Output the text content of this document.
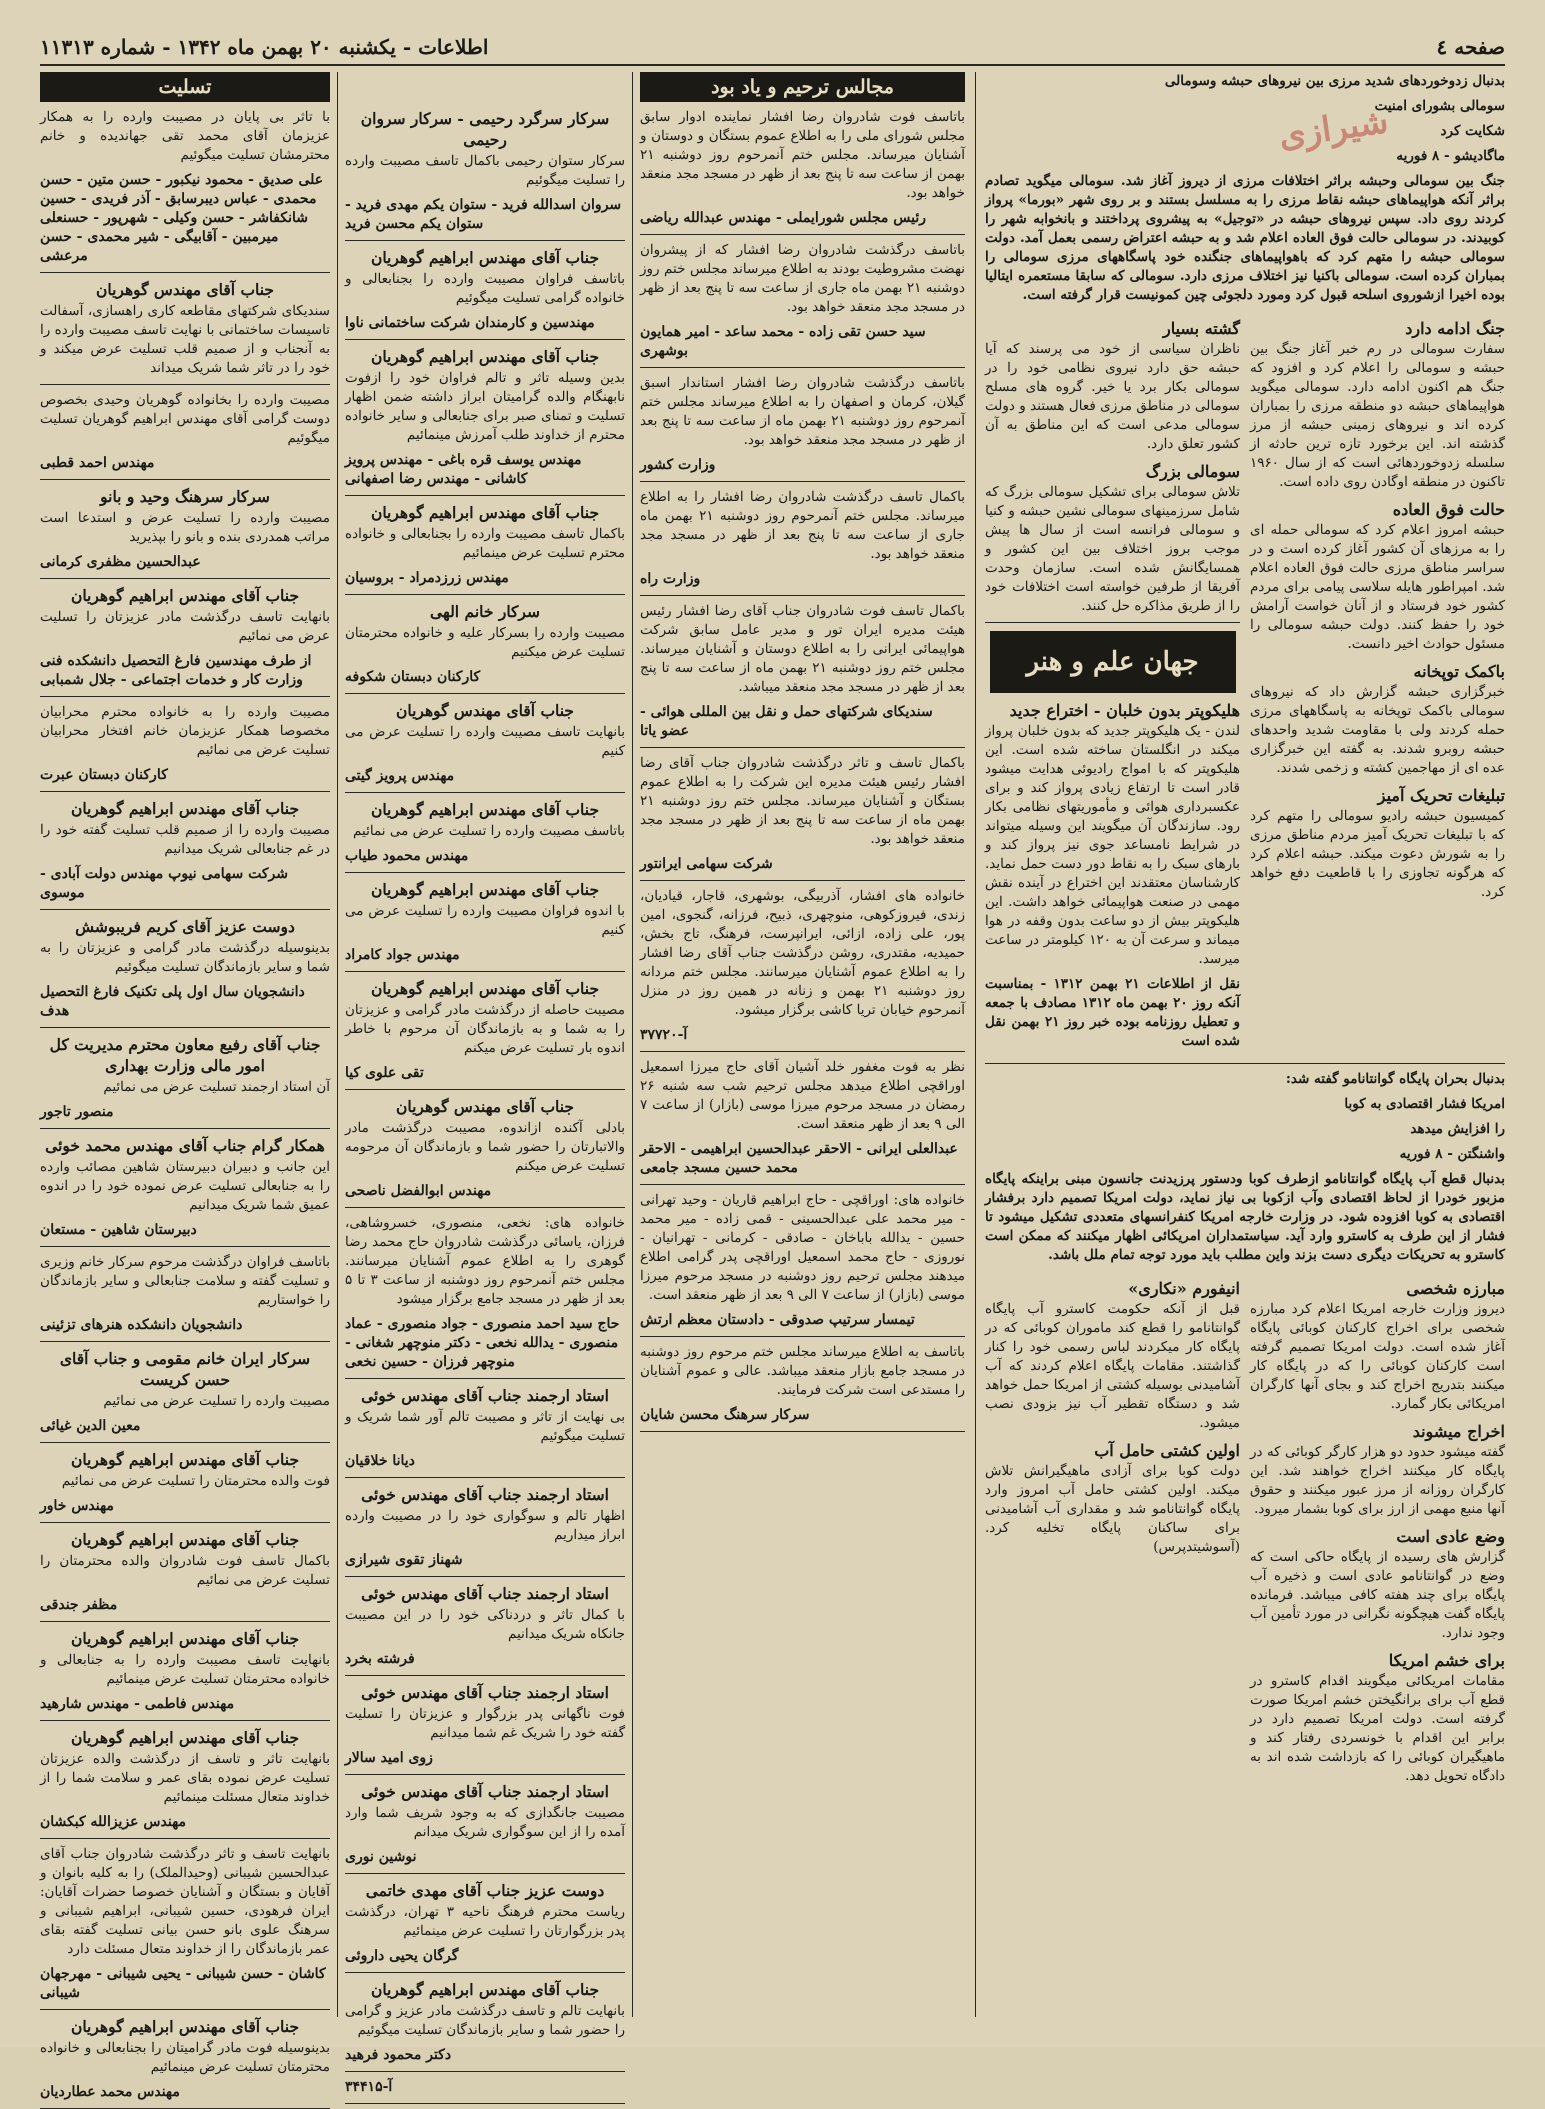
صفحه ٤
اطلاعات - یکشنبه ۲۰ بهمن ماه ۱۳۴۲ - شماره ۱۱۳۱۳
شیرازی

بدنبال زدوخوردهای شدید مرزی بین نیروهای حبشه وسومالی

سومالی بشورای امنیت

شکایت کرد

ماگادیشو - ۸ فوریه

جنگ بین سومالی وحبشه براثر اختلافات مرزی از دیروز آغاز شد. سومالی میگوید تصادم براثر آنکه هواپیماهای حبشه نقاط مرزی را به مسلسل بستند و بر روی شهر «بورما» پرواز کردند روی داد. سپس نیروهای حبشه در «توجیل» به پیشروی پرداختند و بانخوابه شهر را کوبیدند. در سومالی حالت فوق العاده اعلام شد و به حبشه اعتراض رسمی بعمل آمد. دولت سومالی حبشه را متهم کرد که باهواپیماهای جنگنده خود پاسگاههای مرزی سومالی را بمباران کرده است. سومالی باکنیا نیز اختلاف مرزی دارد. سومالی که سابقا مستعمره ایتالیا بوده اخیرا ازشوروی اسلحه قبول کرد ومورد دلجوئی چین کمونیست قرار گرفته است.

جنگ ادامه دارد

سفارت سومالی در رم خبر آغاز جنگ بین حبشه و سومالی را اعلام کرد و افزود که جنگ هم اکنون ادامه دارد. سومالی میگوید هواپیماهای حبشه دو منطقه مرزی را بمباران کرده اند و نیروهای زمینی حبشه از مرز گذشته اند. این برخورد تازه ترین حادثه از سلسله زدوخوردهائی است که از سال ۱۹۶۰ تاکنون در منطقه اوگادن روی داده است.

حالت فوق العاده

حبشه امروز اعلام کرد که سومالی حمله ای را به مرزهای آن کشور آغاز کرده است و در سراسر مناطق مرزی حالت فوق العاده اعلام شد. امپراطور هایله سلاسی پیامی برای مردم کشور خود فرستاد و از آنان خواست آرامش خود را حفظ کنند. دولت حبشه سومالی را مسئول حوادث اخیر دانست.

باکمک توپخانه

خبرگزاری حبشه گزارش داد که نیروهای سومالی باکمک توپخانه به پاسگاههای مرزی حمله کردند ولی با مقاومت شدید واحدهای حبشه روبرو شدند. به گفته این خبرگزاری عده ای از مهاجمین کشته و زخمی شدند.

تبلیغات تحریک آمیز

کمیسیون حبشه رادیو سومالی را متهم کرد که با تبلیغات تحریک آمیز مردم مناطق مرزی را به شورش دعوت میکند. حبشه اعلام کرد که هرگونه تجاوزی را با قاطعیت دفع خواهد کرد.

گشته بسیار

ناظران سیاسی از خود می پرسند که آیا حبشه حق دارد نیروی نظامی خود را در سومالی بکار برد یا خیر. گروه های مسلح سومالی در مناطق مرزی فعال هستند و دولت سومالی مدعی است که این مناطق به آن کشور تعلق دارد.

سومالی بزرگ

تلاش سومالی برای تشکیل سومالی بزرگ که شامل سرزمینهای سومالی نشین حبشه و کنیا و سومالی فرانسه است از سال ها پیش موجب بروز اختلاف بین این کشور و همسایگانش شده است. سازمان وحدت آفریقا از طرفین خواسته است اختلافات خود را از طریق مذاکره حل کنند.

جهان علم و هنر
هلیکوپتر بدون خلبان - اختراع جدید

لندن - یک هلیکوپتر جدید که بدون خلبان پرواز میکند در انگلستان ساخته شده است. این هلیکوپتر که با امواج رادیوئی هدایت میشود قادر است تا ارتفاع زیادی پرواز کند و برای عکسبرداری هوائی و مأموریتهای نظامی بکار رود. سازندگان آن میگویند این وسیله میتواند در شرایط نامساعد جوی نیز پرواز کند و بارهای سبک را به نقاط دور دست حمل نماید. کارشناسان معتقدند این اختراع در آینده نقش مهمی در صنعت هواپیمائی خواهد داشت. این هلیکوپتر بیش از دو ساعت بدون وقفه در هوا میماند و سرعت آن به ۱۲۰ کیلومتر در ساعت میرسد.

نقل از اطلاعات ۲۱ بهمن ۱۳۱۲ - بمناسبت آنکه روز ۲۰ بهمن ماه ۱۳۱۲ مصادف با جمعه و تعطیل روزنامه بوده خبر روز ۲۱ بهمن نقل شده است

بدنبال بحران پایگاه گوانتانامو گفته شد:

امریکا فشار اقتصادی به کوبا

را افزایش میدهد

واشنگتن - ۸ فوریه

بدنبال قطع آب پایگاه گوانتانامو ازطرف کوبا ودستور پرزیدنت جانسون مبنی براینکه پایگاه مزبور خودرا از لحاظ اقتصادی وآب ازکوبا بی نیاز نماید، دولت امریکا تصمیم دارد برفشار اقتصادی به کوبا افزوده شود. در وزارت خارجه امریکا کنفرانسهای متعددی تشکیل میشود تا فشار از این طرف به کاسترو وارد آید. سیاستمداران امریکائی اظهار میکنند که ممکن است کاسترو به تحریکات دیگری دست بزند واین مطلب باید مورد توجه تمام ملل باشد.

مبارزه شخصی

دیروز وزارت خارجه امریکا اعلام کرد مبارزه شخصی برای اخراج کارکنان کوبائی پایگاه آغاز شده است. دولت امریکا تصمیم گرفته است کارکنان کوبائی را که در پایگاه کار میکنند بتدریج اخراج کند و بجای آنها کارگران امریکائی بکار گمارد.

اخراج میشوند

گفته میشود حدود دو هزار کارگر کوبائی که در پایگاه کار میکنند اخراج خواهند شد. این کارگران روزانه از مرز عبور میکنند و حقوق آنها منبع مهمی از ارز برای کوبا بشمار میرود.

وضع عادی است

گزارش های رسیده از پایگاه حاکی است که وضع در گوانتانامو عادی است و ذخیره آب پایگاه برای چند هفته کافی میباشد. فرمانده پایگاه گفت هیچگونه نگرانی در مورد تأمین آب وجود ندارد.

برای خشم امریکا

مقامات امریکائی میگویند اقدام کاسترو در قطع آب برای برانگیختن خشم امریکا صورت گرفته است. دولت امریکا تصمیم دارد در برابر این اقدام با خونسردی رفتار کند و ماهیگیران کوبائی را که بازداشت شده اند به دادگاه تحویل دهد.

انیفورم «نکاری»

قبل از آنکه حکومت کاسترو آب پایگاه گوانتانامو را قطع کند ماموران کوبائی که در پایگاه کار میکردند لباس رسمی خود را کنار گذاشتند. مقامات پایگاه اعلام کردند که آب آشامیدنی بوسیله کشتی از امریکا حمل خواهد شد و دستگاه تقطیر آب نیز بزودی نصب میشود.

اولین کشتی حامل آب

دولت کوبا برای آزادی ماهیگیرانش تلاش میکند. اولین کشتی حامل آب امروز وارد پایگاه گوانتانامو شد و مقداری آب آشامیدنی برای ساکنان پایگاه تخلیه کرد. (آسوشیتدپرس)

مجالس ترحیم و یاد بود

باتاسف فوت شادروان رضا افشار نماینده ادوار سابق مجلس شورای ملی را به اطلاع عموم بستگان و دوستان و آشنایان میرساند. مجلس ختم آنمرحوم روز دوشنبه ۲۱ بهمن از ساعت سه تا پنج بعد از ظهر در مسجد مجد منعقد خواهد بود.

رئیس مجلس شورایملی - مهندس عبدالله ریاضی

باتاسف درگذشت شادروان رضا افشار که از پیشروان نهضت مشروطیت بودند به اطلاع میرساند مجلس ختم روز دوشنبه ۲۱ بهمن ماه جاری از ساعت سه تا پنج بعد از ظهر در مسجد مجد منعقد خواهد بود.

سید حسن تقی زاده - محمد ساعد - امیر همایون بوشهری

باتاسف درگذشت شادروان رضا افشار استاندار اسبق گیلان، کرمان و اصفهان را به اطلاع میرساند مجلس ختم آنمرحوم روز دوشنبه ۲۱ بهمن ماه از ساعت سه تا پنج بعد از ظهر در مسجد مجد منعقد خواهد بود.

وزارت کشور

باکمال تاسف درگذشت شادروان رضا افشار را به اطلاع میرساند. مجلس ختم آنمرحوم روز دوشنبه ۲۱ بهمن ماه جاری از ساعت سه تا پنج بعد از ظهر در مسجد مجد منعقد خواهد بود.

وزارت راه

باکمال تاسف فوت شادروان جناب آقای رضا افشار رئیس هیئت مدیره ایران تور و مدیر عامل سابق شرکت هواپیمائی ایرانی را به اطلاع دوستان و آشنایان میرساند. مجلس ختم روز دوشنبه ۲۱ بهمن ماه از ساعت سه تا پنج بعد از ظهر در مسجد مجد منعقد میباشد.

سندیکای شرکتهای حمل و نقل بین المللی هوائی - عضو یاتا

باکمال تاسف و تاثر درگذشت شادروان جناب آقای رضا افشار رئیس هیئت مدیره این شرکت را به اطلاع عموم بستگان و آشنایان میرساند. مجلس ختم روز دوشنبه ۲۱ بهمن ماه از ساعت سه تا پنج بعد از ظهر در مسجد مجد منعقد خواهد بود.

شرکت سهامی ایرانتور

خانواده های افشار، آذربیگی، بوشهری، قاجار، قیادیان، زندی، فیروزکوهی، منوچهری، ذبیح، فرزانه، گنجوی، امین پور، علی زاده، ازائی، ایرانپرست، فرهنگ، تاج بخش، حمیدیه، مقتدری، روشن درگذشت جناب آقای رضا افشار را به اطلاع عموم آشنایان میرسانند. مجلس ختم مردانه روز دوشنبه ۲۱ بهمن و زنانه در همین روز در منزل آنمرحوم خیابان تریا کاشی برگزار میشود.

آ-۳۷۷۲۰

نظر به فوت مغفور خلد آشیان آقای حاج میرزا اسمعیل اوراقچی اطلاع میدهد مجلس ترحیم شب سه شنبه ۲۶ رمضان در مسجد مرحوم میرزا موسی (بازار) از ساعت ۷ الی ۹ بعد از ظهر منعقد است.

عبدالعلی ایرانی - الاحقر عبدالحسین ابراهیمی - الاحقر محمد حسین مسجد جامعی

خانواده های: اوراقچی - حاج ابراهیم قاریان - وحید تهرانی - میر محمد علی عبدالحسینی - قمی زاده - میر محمد حسین - یدالله باباخان - صادقی - کرمانی - تهرانیان - نوروزی - حاج محمد اسمعیل اوراقچی پدر گرامی اطلاع میدهند مجلس ترحیم روز دوشنبه در مسجد مرحوم میرزا موسی (بازار) از ساعت ۷ الی ۹ بعد از ظهر منعقد است.

تیمسار سرتیپ صدوقی - دادستان معظم ارتش

باتاسف به اطلاع میرساند مجلس ختم مرحوم روز دوشنبه در مسجد جامع بازار منعقد میباشد. عالی و عموم آشنایان را مستدعی است شرکت فرمایند.

سرکار سرهنگ محسن شایان

سرکار سرگرد رحیمی - سرکار سروان رحیمی

سرکار ستوان رحیمی باکمال تاسف مصیبت وارده را تسلیت میگوئیم

سروان اسدالله فرید - ستوان یکم مهدی فرید - ستوان یکم محسن فرید

جناب آقای مهندس ابراهیم گوهریان

باتاسف فراوان مصیبت وارده را بجنابعالی و خانواده گرامی تسلیت میگوئیم

مهندسین و کارمندان شرکت ساختمانی ناوا

جناب آقای مهندس ابراهیم گوهریان

بدین وسیله تاثر و تالم فراوان خود را ازفوت نابهنگام والده گرامیتان ابراز داشته ضمن اظهار تسلیت و تمنای صبر برای جنابعالی و سایر خانواده محترم از خداوند طلب آمرزش مینمائیم

مهندس یوسف قره باغی - مهندس پرویز کاشانی - مهندس رضا اصفهانی

جناب آقای مهندس ابراهیم گوهریان

باکمال تاسف مصیبت وارده را بجنابعالی و خانواده محترم تسلیت عرض مینمائیم

مهندس زرزدمراد - بروسیان

سرکار خانم الهی

مصیبت وارده را بسرکار علیه و خانواده محترمتان تسلیت عرض میکنیم

کارکنان دبستان شکوفه

جناب آقای مهندس گوهریان

بانهایت تاسف مصیبت وارده را تسلیت عرض می کنیم

مهندس پرویز گیتی

جناب آقای مهندس ابراهیم گوهریان

باتاسف مصیبت وارده را تسلیت عرض می نمائیم

مهندس محمود طیاب

جناب آقای مهندس ابراهیم گوهریان

با اندوه فراوان مصیبت وارده را تسلیت عرض می کنیم

مهندس جواد کامراد

جناب آقای مهندس ابراهیم گوهریان

مصیبت حاصله از درگذشت مادر گرامی و عزیزتان را به شما و به بازماندگان آن مرحوم با خاطر اندوه بار تسلیت عرض میکنم

تقی علوی کیا

جناب آقای مهندس گوهریان

بادلی آکنده ازاندوه، مصیبت درگذشت مادر والاتبارتان را حضور شما و بازماندگان آن مرحومه تسلیت عرض میکنم

مهندس ابوالفضل ناصحی

خانواده های: نخعی، منصوری، خسروشاهی، فرزان، یاسائی درگذشت شادروان حاج محمد رضا گوهری را به اطلاع عموم آشنایان میرسانند. مجلس ختم آنمرحوم روز دوشنبه از ساعت ۳ تا ۵ بعد از ظهر در مسجد جامع برگزار میشود

حاج سید احمد منصوری - جواد منصوری - عماد منصوری - یدالله نخعی - دکتر منوچهر شغانی - منوچهر فرزان - حسین نخعی

استاد ارجمند جناب آقای مهندس خوئی

بی نهایت از تاثر و مصیبت تالم آور شما شریک و تسلیت میگوئیم

دیانا خلاقیان

استاد ارجمند جناب آقای مهندس خوئی

اظهار تالم و سوگواری خود را در مصیبت وارده ابراز میداریم

شهناز تقوی شیرازی

استاد ارجمند جناب آقای مهندس خوئی

با کمال تاثر و دردناکی خود را در این مصیبت جانکاه شریک میدانیم

فرشته بخرد

استاد ارجمند جناب آقای مهندس خوئی

فوت ناگهانی پدر بزرگوار و عزیزتان را تسلیت گفته خود را شریک غم شما میدانیم

زوی امید سالار

استاد ارجمند جناب آقای مهندس خوئی

مصیبت جانگدازی که به وجود شریف شما وارد آمده را از این سوگواری شریک میدانم

نوشین نوری

دوست عزیز جناب آقای مهدی خاتمی

ریاست محترم فرهنگ ناحیه ۳ تهران، درگذشت پدر بزرگوارتان را تسلیت عرض مینمائیم

گرگان یحیی داروئی

جناب آقای مهندس ابراهیم گوهریان

بانهایت تالم و تاسف درگذشت مادر عزیز و گرامی را حضور شما و سایر بازماندگان تسلیت میگوئیم

دکتر محمود فرهید

آ-۳۴۴۱۵

تسلیت

با تاثر بی پایان در مصیبت وارده را به همکار عزیزمان آقای محمد تقی جهاندیده و خانم محترمشان تسلیت میگوئیم

علی صدیق - محمود نیکبور - حسن متین - حسن محمدی - عباس دیبرسابق - آذر فریدی - حسین شانکفاشر - حسن وکیلی - شهرپور - حسنعلی میرمبین - آقابیگی - شیر محمدی - حسن مرعشی

جناب آقای مهندس گوهریان

سندیکای شرکتهای مقاطعه کاری راهسازی، آسفالت تاسیسات ساختمانی با نهایت تاسف مصیبت وارده را به آنجناب و از صمیم قلب تسلیت عرض میکند و خود را در تاثر شما شریک میداند

مصیبت وارده را بخانواده گوهریان وحیدی بخصوص دوست گرامی آقای مهندس ابراهیم گوهریان تسلیت میگوئیم

مهندس احمد قطبی

سرکار سرهنگ وحید و بانو

مصیبت وارده را تسلیت عرض و استدعا است مراتب همدردی بنده و بانو را بپذیرید

عبدالحسین مظفری کرمانی

جناب آقای مهندس ابراهیم گوهریان

بانهایت تاسف درگذشت مادر عزیزتان را تسلیت عرض می نمائیم

از طرف مهندسین فارغ التحصیل دانشکده فنی وزارت کار و خدمات اجتماعی - جلال شمبابی

مصیبت وارده را به خانواده محترم محرابیان مخصوصا همکار عزیزمان خانم افتخار محرابیان تسلیت عرض می نمائیم

کارکنان دبستان عبرت

جناب آقای مهندس ابراهیم گوهریان

مصیبت وارده را از صمیم قلب تسلیت گفته خود را در غم جنابعالی شریک میدانیم

شرکت سهامی نیوپ مهندس دولت آبادی - موسوی

دوست عزیز آقای کریم فریبوشش

بدینوسیله درگذشت مادر گرامی و عزیزتان را به شما و سایر بازماندگان تسلیت میگوئیم

دانشجویان سال اول پلی تکنیک فارغ التحصیل هدف

جناب آقای رفیع معاون محترم مدیریت کل امور مالی وزارت بهداری

آن استاد ارجمند تسلیت عرض می نمائیم

منصور تاجور

همکار گرام جناب آقای مهندس محمد خوئی

این جانب و دبیران دبیرستان شاهین مصائب وارده را به جنابعالی تسلیت عرض نموده خود را در اندوه عمیق شما شریک میدانیم

دبیرستان شاهین - مستعان

باتاسف فراوان درگذشت مرحوم سرکار خانم وزیری و تسلیت گفته و سلامت جنابعالی و سایر بازماندگان را خواستاریم

دانشجویان دانشکده هنرهای تزئینی

سرکار ایران خانم مقومی و جناب آقای حسن کریست

مصیبت وارده را تسلیت عرض می نمائیم

معین الدین غیائی

جناب آقای مهندس ابراهیم گوهریان

فوت والده محترمتان را تسلیت عرض می نمائیم

مهندس خاور

جناب آقای مهندس ابراهیم گوهریان

باکمال تاسف فوت شادروان والده محترمتان را تسلیت عرض می نمائیم

مظفر جندقی

جناب آقای مهندس ابراهیم گوهریان

بانهایت تاسف مصیبت وارده را به جنابعالی و خانواده محترمتان تسلیت عرض مینمائیم

مهندس فاطمی - مهندس شارهید

جناب آقای مهندس ابراهیم گوهریان

بانهایت تاثر و تاسف از درگذشت والده عزیزتان تسلیت عرض نموده بقای عمر و سلامت شما را از خداوند متعال مسئلت مینمائیم

مهندس عزیزالله کبکشان

بانهایت تاسف و تاثر درگذشت شادروان جناب آقای عبدالحسین شیبانی (وحیدالملک) را به کلیه بانوان و آقایان و بستگان و آشنایان خصوصا حضرات آقایان: ایران فرهودی، حسین شیبانی، ابراهیم شیبانی و سرهنگ علوی بانو حسن بیانی تسلیت گفته بقای عمر بازماندگان را از خداوند متعال مسئلت دارد

کاشان - حسن شیبانی - یحیی شیبانی - مهرجهان شیبانی

جناب آقای مهندس ابراهیم گوهریان

بدینوسیله فوت مادر گرامیتان را بجنابعالی و خانواده محترمتان تسلیت عرض مینمائیم

مهندس محمد عطاردیان
